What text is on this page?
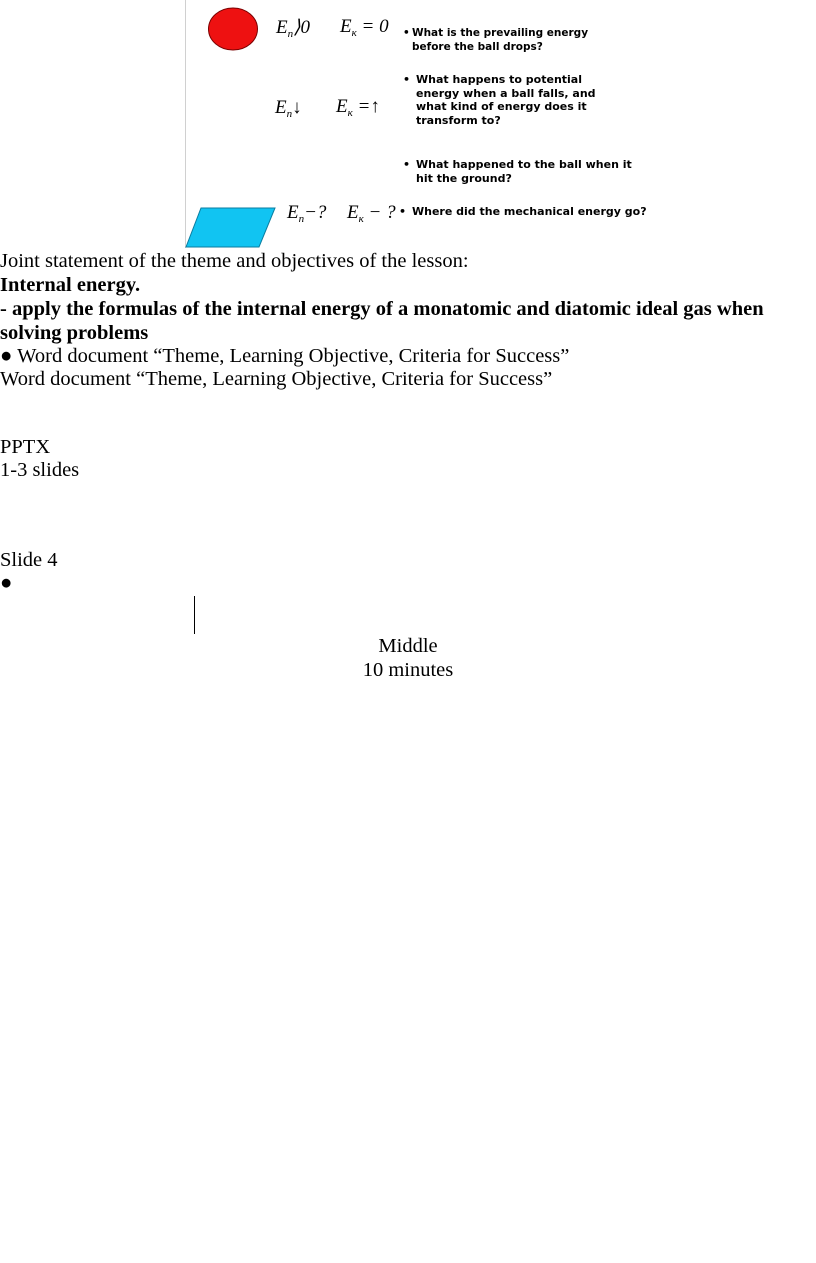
$E_п⟩0$ $E_к = 0$
$E_п↓$ $E_к$ =↑
$E_п-$? $E_к$ − ?
• What is the prevailing energy before the ball drops?
• What happens to potential energy when a ball falls, and what kind of energy does it transform to?
• What happened to the ball when it hit the ground?
• Where did the mechanical energy go?
Joint statement of the theme and objectives of the lesson:
Internal energy.
- apply the formulas of the internal energy of a monatomic and diatomic ideal gas when
solving problems
● Word document “Theme, Learning Objective, Criteria for Success”
Word document “Theme, Learning Objective, Criteria for Success”
PPTX
1-3 slides
Slide 4
●
Middle
10 minutes
